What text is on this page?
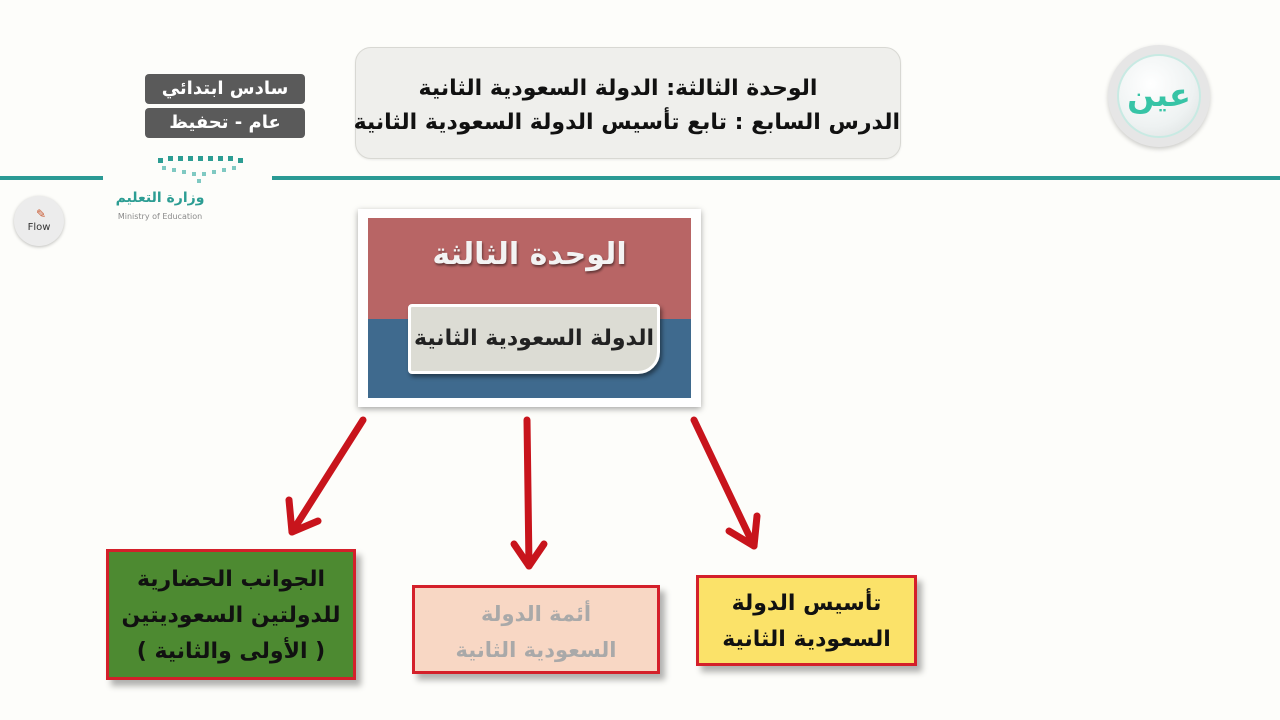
الوحدة الثالثة: الدولة السعودية الثانية
الدرس السابع : تابع تأسيس الدولة السعودية الثانية
سادس ابتدائي
عام - تحفيظ
وزارة التعليم
Ministry of Education
✎
Flow
عين
الوحدة الثالثة
الدولة السعودية الثانية
الجوانب الحضارية
للدولتين السعوديتين
( الأولى والثانية )
أئمة الدولة
السعودية الثانية
تأسيس الدولة
السعودية الثانية
